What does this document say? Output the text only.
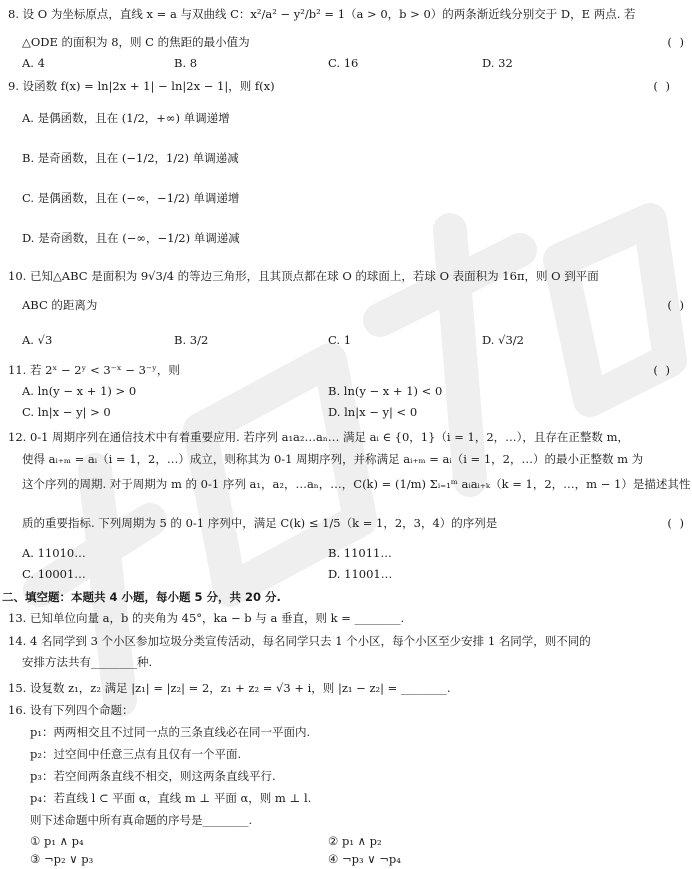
8. 设 O 为坐标原点，直线 x = a 与双曲线 C：x²/a² − y²/b² = 1（a > 0，b > 0）的两条渐近线分别交于 D，E 两点. 若
△ODE 的面积为 8，则 C 的焦距的最小值为	( )
A. 4	B. 8	C. 16	D. 32
9. 设函数 f(x) = ln|2x + 1| − ln|2x − 1|，则 f(x)	( )
A. 是偶函数，且在 (1/2，+∞) 单调递增
B. 是奇函数，且在 (−1/2，1/2) 单调递减
C. 是偶函数，且在 (−∞，−1/2) 单调递增
D. 是奇函数，且在 (−∞，−1/2) 单调递减
10. 已知△ABC 是面积为 9√3/4 的等边三角形，且其顶点都在球 O 的球面上，若球 O 表面积为 16π，则 O 到平面
ABC 的距离为	( )
A. √3	B. 3/2	C. 1	D. √3/2
11. 若 2ˣ − 2ʸ < 3⁻ˣ − 3⁻ʸ，则	( )
A. ln(y − x + 1) > 0	B. ln(y − x + 1) < 0
C. ln|x − y| > 0	D. ln|x − y| < 0
12. 0-1 周期序列在通信技术中有着重要应用. 若序列 a₁a₂…aₙ… 满足 aᵢ ∈ {0，1}（i = 1，2，…），且存在正整数 m，
使得 aᵢ₊ₘ = aᵢ（i = 1，2，…）成立，则称其为 0-1 周期序列，并称满足 aᵢ₊ₘ = aᵢ（i = 1，2，…）的最小正整数 m 为
这个序列的周期. 对于周期为 m 的 0-1 序列 a₁，a₂，…aₙ，…，C(k) = (1/m) Σᵢ₌₁ᵐ aᵢaᵢ₊ₖ（k = 1，2，…，m − 1）是描述其性
质的重要指标. 下列周期为 5 的 0-1 序列中，满足 C(k) ≤ 1/5（k = 1，2，3，4）的序列是	( )
A. 11010…	B. 11011…
C. 10001…	D. 11001…
二、填空题：本题共 4 小题，每小题 5 分，共 20 分.
13. 已知单位向量 a，b 的夹角为 45°，ka − b 与 a 垂直，则 k = ________.
14. 4 名同学到 3 个小区参加垃圾分类宣传活动，每名同学只去 1 个小区，每个小区至少安排 1 名同学，则不同的
安排方法共有________种.
15. 设复数 z₁，z₂ 满足 |z₁| = |z₂| = 2，z₁ + z₂ = √3 + i，则 |z₁ − z₂| = ________.
16. 设有下列四个命题：
p₁：两两相交且不过同一点的三条直线必在同一平面内.
p₂：过空间中任意三点有且仅有一个平面.
p₃：若空间两条直线不相交，则这两条直线平行.
p₄：若直线 l ⊂ 平面 α，直线 m ⊥ 平面 α，则 m ⊥ l.
则下述命题中所有真命题的序号是________.
① p₁ ∧ p₄	② p₁ ∧ p₂
③ ¬p₂ ∨ p₃	④ ¬p₃ ∨ ¬p₄
